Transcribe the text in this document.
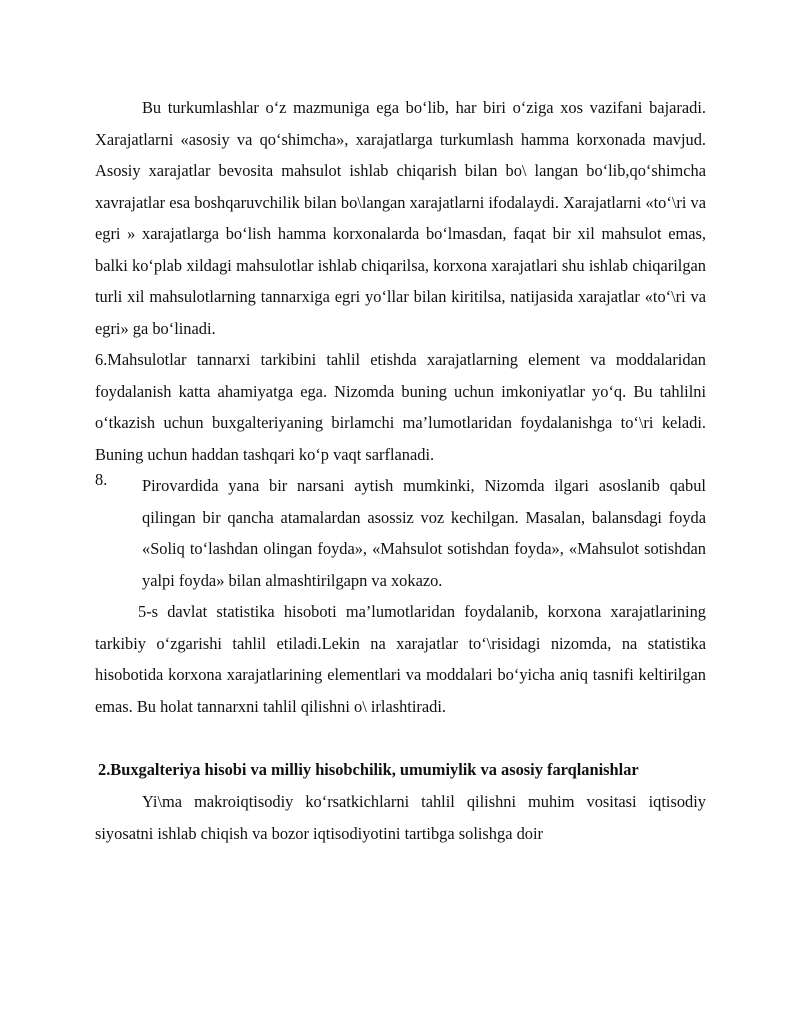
Bu turkumlashlar o‘z mazmuniga ega bo‘lib, har biri o‘ziga xos vazifani bajaradi. Xarajatlarni «asosiy va qo‘shimcha», xarajatlarga turkumlash hamma korxonada mavjud. Asosiy xarajatlar bevosita mahsulot ishlab chiqarish bilan bo\ langan bo‘lib,qo‘shimcha xavrajatlar esa boshqaruvchilik bilan bo\langan xarajatlarni ifodalaydi. Xarajatlarni «to‘\ri va egri » xarajatlarga bo‘lish hamma korxonalarda bo‘lmasdan, faqat bir xil mahsulot emas, balki ko‘plab xildagi mahsulotlar ishlab chiqarilsa, korxona xarajatlari shu ishlab chiqarilgan turli xil mahsulotlarning tannarxiga egri yo‘llar bilan kiritilsa, natijasida xarajatlar «to‘\ri va egri» ga bo‘linadi.

6.Mahsulotlar tannarxi tarkibini tahlil etishda xarajatlarning element va moddalaridan foydalanish katta ahamiyatga ega. Nizomda buning uchun imkoniyatlar yo‘q. Bu tahlilni o‘tkazish uchun buxgalteriyaning birlamchi ma’lumotlaridan foydalanishga to‘\ri keladi. Buning uchun haddan tashqari ko‘p vaqt sarflanadi.

8. Pirovardida yana bir narsani aytish mumkinki, Nizomda ilgari asoslanib qabul qilingan bir qancha atamalardan asossiz voz kechilgan. Masalan, balansdagi foyda «Soliq to‘lashdan olingan foyda», «Mahsulot sotishdan foyda», «Mahsulot sotishdan yalpi foyda» bilan almashtirilgapn va xokazo.

5-s davlat statistika hisoboti ma’lumotlaridan foydalanib, korxona xarajatlarining tarkibiy o‘zgarishi tahlil etiladi.Lekin na xarajatlar to‘\risidagi nizomda, na statistika hisobotida korxona xarajatlarining elementlari va moddalari bo‘yicha aniq tasnifi keltirilgan emas. Bu holat tannarxni tahlil qilishni o\ irlashtiradi.

2.Buxgalteriya hisobi va milliy hisobchilik, umumiylik va asosiy farqlanishlar

Yi\ma makroiqtisodiy ko‘rsatkichlarni tahlil qilishni muhim vositasi iqtisodiy siyosatni ishlab chiqish va bozor iqtisodiyotini tartibga solishga doir
